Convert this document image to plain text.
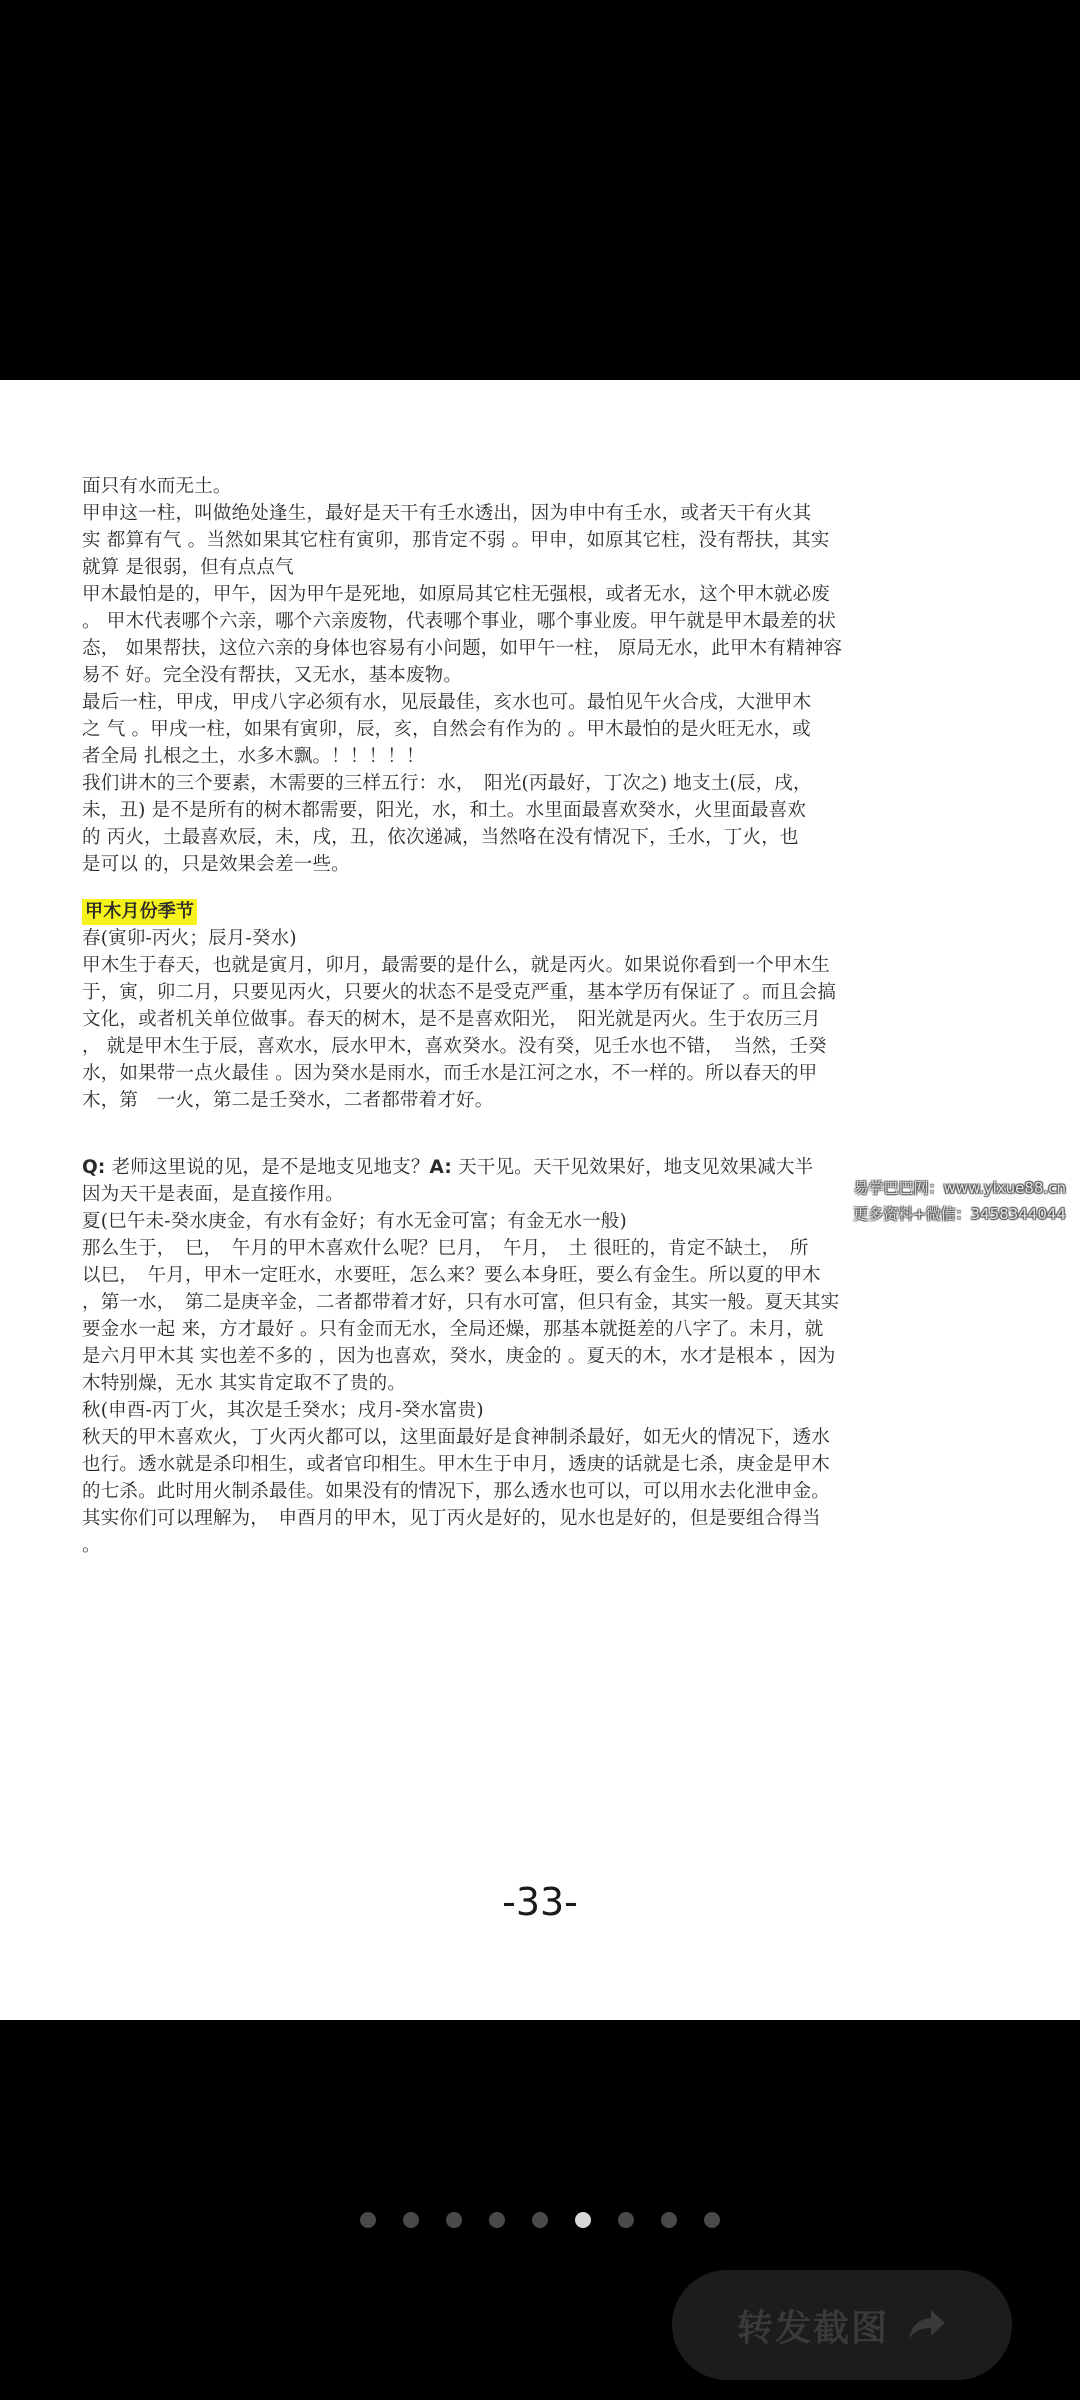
面只有水而无土。
甲申这一柱，叫做绝处逢生，最好是天干有壬水透出，因为申中有壬水，或者天干有火其
实 都算有气 。当然如果其它柱有寅卯，那肯定不弱 。甲申，如原其它柱，没有帮扶，其实
就算 是很弱，但有点点气
甲木最怕是的，甲午，因为甲午是死地，如原局其它柱无强根，或者无水，这个甲木就必废
。 甲木代表哪个六亲，哪个六亲废物，代表哪个事业，哪个事业废。甲午就是甲木最差的状
态， 如果帮扶，这位六亲的身体也容易有小问题，如甲午一柱， 原局无水，此甲木有精神容
易不 好。完全没有帮扶，又无水，基本废物。
最后一柱，甲戌，甲戌八字必须有水，见辰最佳，亥水也可。最怕见午火合戌，大泄甲木
之 气 。甲戌一柱，如果有寅卯，辰，亥，自然会有作为的 。甲木最怕的是火旺无水，或
者全局 扎根之土，水多木飘。！！！！！
我们讲木的三个要素，木需要的三样五行：水，　阳光(丙最好，丁次之) 地支土(辰，戌，
未，丑) 是不是所有的树木都需要，阳光，水，和土。水里面最喜欢癸水，火里面最喜欢
的 丙火，土最喜欢辰，未，戌，丑，依次递减，当然咯在没有情况下，壬水，丁火，也
是可以 的，只是效果会差一些。
甲木月份季节
春(寅卯-丙火；辰月-癸水)
甲木生于春天，也就是寅月，卯月，最需要的是什么，就是丙火。如果说你看到一个甲木生
于，寅，卯二月，只要见丙火，只要火的状态不是受克严重，基本学历有保证了 。而且会搞
文化，或者机关单位做事。春天的树木，是不是喜欢阳光，　阳光就是丙火。生于农历三月
， 就是甲木生于辰，喜欢水，辰水甲木，喜欢癸水。没有癸，见壬水也不错，　当然，壬癸
水，如果带一点火最佳 。因为癸水是雨水，而壬水是江河之水，不一样的。所以春天的甲
木，第　一火，第二是壬癸水，二者都带着才好。
Q: 老师这里说的见，是不是地支见地支？A: 天干见。天干见效果好，地支见效果减大半
因为天干是表面，是直接作用。
夏(巳午未-癸水庚金，有水有金好；有水无金可富；有金无水一般)
那么生于，　巳，　午月的甲木喜欢什么呢？巳月，　午月，　土 很旺的，肯定不缺土，　所
以巳，　午月，甲木一定旺水，水要旺，怎么来？要么本身旺，要么有金生。所以夏的甲木
，第一水，　第二是庚辛金，二者都带着才好，只有水可富，但只有金，其实一般。夏天其实
要金水一起 来，方才最好 。只有金而无水，全局还燥，那基本就挺差的八字了。未月，就
是六月甲木其 实也差不多的 ，因为也喜欢，癸水，庚金的 。夏天的木，水才是根本 ，因为
木特别燥，无水 其实肯定取不了贵的。
秋(申酉-丙丁火，其次是壬癸水；戌月-癸水富贵)
秋天的甲木喜欢火，丁火丙火都可以，这里面最好是食神制杀最好，如无火的情况下，透水
也行。透水就是杀印相生，或者官印相生。甲木生于申月，透庚的话就是七杀，庚金是甲木
的七杀。此时用火制杀最佳。如果没有的情况下，那么透水也可以，可以用水去化泄申金。
其实你们可以理解为，　申酉月的甲木，见丁丙火是好的，见水也是好的，但是要组合得当
。
易学巴巴网：www.yixue88.cn
更多资料+微信：3458344044
-33-
转发截图
